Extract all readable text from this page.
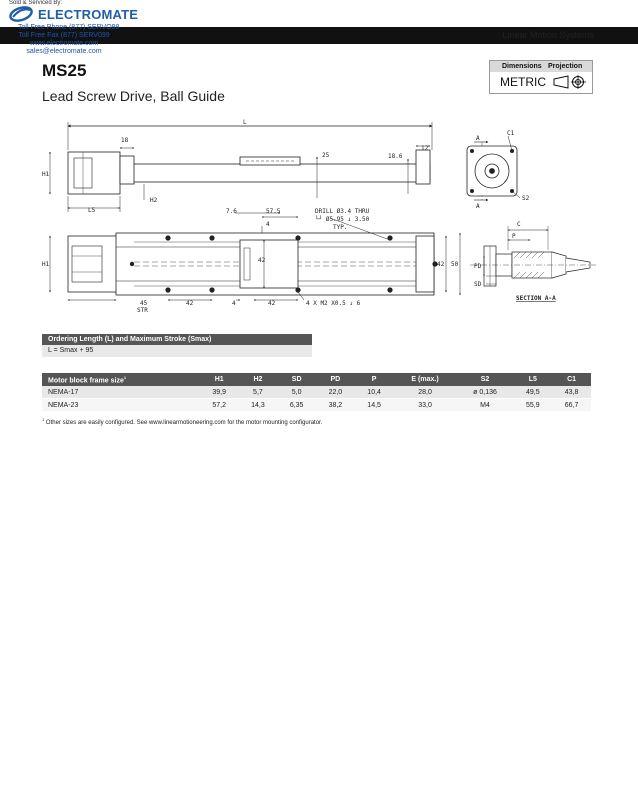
Sold & Serviced By:
ELECTROMATE
Toll Free Phone (877) SERVO98
Toll Free Fax (877) SERV099
www.electromate.com
sales@electromate.com
Linear Motion Systems
MS25
Lead Screw Drive, Ball Guide
Dimensions Projection
METRIC
L
18
12
25	18.6
H1
H2
L5	7.6	57.5
4
42
DRILL Ø3.4 THRU
└┘ Ø5.95 ↓ 3.50
TYP.
H1	42 50
45
STR
42	4	42	4 X M2 X0.5 ↓ 6
A
C1
A
S2
C
P
PD
SD
SECTION A-A
Ordering Length (L) and Maximum Stroke (Smax)
L = Smax + 95
Motor block frame size$^1$	H1	H2	SD	PD	P	E (max.)	S2	L5	C1
NEMA-17	39,9	5,7	5,0	22,0	10,4	28,0	ø 0,136	49,5	43,8
NEMA-23	57,2	14,3	6,35	38,2	14,5	33,0	M4	55,9	66,7
$^1$ Other sizes are easily configured. See www.linearmotioneering.com for the motor mounting configurator.
